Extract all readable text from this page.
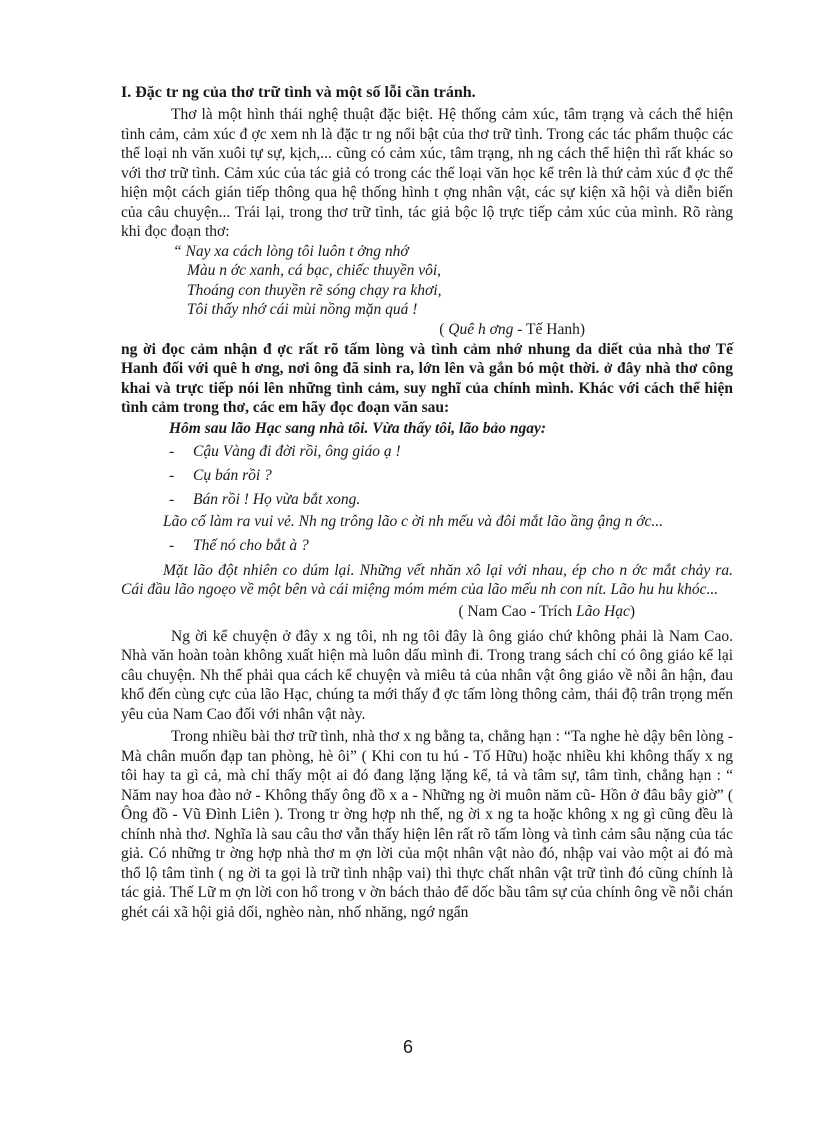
I. Đặc tr ng của thơ trữ tình và một số lỗi cần tránh.

Thơ là một hình thái nghệ thuật đặc biệt. Hệ thống cảm xúc, tâm trạng và cách thể hiện tình cảm, cảm xúc đ ợc xem nh là đặc tr ng nổi bật của thơ trữ tình. Trong các tác phẩm thuộc các thể loại nh văn xuôi tự sự, kịch,... cũng có cảm xúc, tâm trạng, nh ng cách thể hiện thì rất khác so với thơ trữ tình. Cảm xúc của tác giả có trong các thể loại văn học kể trên là thứ cảm xúc đ ợc thể hiện một cách gián tiếp thông qua hệ thống hình t ợng nhân vật, các sự kiện xã hội và diễn biến của câu chuyện... Trái lại, trong thơ trữ tình, tác giả bộc lộ trực tiếp cảm xúc của mình. Rõ ràng khi đọc đoạn thơ:

“ Nay xa cách lòng tôi luôn t ởng nhớ
Màu n ớc xanh, cá bạc, chiếc thuyền vôi,
Thoáng con thuyền rẽ sóng chạy ra khơi,
Tôi thấy nhớ cái mùi nồng mặn quá !
( Quê h ơng - Tế Hanh)

ng ời đọc cảm nhận đ ợc rất rõ tấm lòng và tình cảm nhớ nhung da diết của nhà thơ Tế Hanh đối với quê h ơng, nơi ông đã sinh ra, lớn lên và gắn bó một thời. ở đây nhà thơ công khai và trực tiếp nói lên những tình cảm, suy nghĩ của chính mình. Khác với cách thể hiện tình cảm trong thơ, các em hãy đọc đoạn văn sau:

Hôm sau lão Hạc sang nhà tôi. Vừa thấy tôi, lão bảo ngay:
- Cậu Vàng đi đời rồi, ông giáo ạ !
- Cụ bán rồi ?
- Bán rồi ! Họ vừa bắt xong.

Lão cố làm ra vui vẻ. Nh ng trông lão c ời nh mếu và đôi mắt lão ầng ậng n ớc...

- Thế nó cho bắt à ?

Mặt lão đột nhiên co dúm lại. Những vết nhăn xô lại với nhau, ép cho n ớc mắt chảy ra. Cái đầu lão ngoẹo về một bên và cái miệng móm mém của lão mếu nh con nít. Lão hu hu khóc...

( Nam Cao - Trích Lão Hạc)

Ng ời kể chuyện ở đây x ng tôi, nh ng tôi đây là ông giáo chứ không phải là Nam Cao. Nhà văn hoàn toàn không xuất hiện mà luôn dấu mình đi. Trong trang sách chỉ có ông giáo kể lại câu chuyện. Nh thế phải qua cách kể chuyện và miêu tả của nhân vật ông giáo về nỗi ân hận, đau khổ đến cùng cực của lão Hạc, chúng ta mới thấy đ ợc tấm lòng thông cảm, thái độ trân trọng mến yêu của Nam Cao đối với nhân vật này.

Trong nhiều bài thơ trữ tình, nhà thơ x ng bằng ta, chẳng hạn : “Ta nghe hè dậy bên lòng - Mà chân muốn đạp tan phòng, hè ôi” ( Khi con tu hú - Tố Hữu) hoặc nhiều khi không thấy x ng tôi hay ta gì cả, mà chỉ thấy một ai đó đang lặng lặng kể, tả và tâm sự, tâm tình, chẳng hạn : “ Năm nay hoa đào nở - Không thấy ông đồ x a - Những ng ời muôn năm cũ- Hồn ở đâu bây giờ” ( Ông đồ - Vũ Đình Liên ). Trong tr ờng hợp nh thế, ng ời x ng ta hoặc không x ng gì cũng đều là chính nhà thơ. Nghĩa là sau câu thơ vẫn thấy hiện lên rất rõ tấm lòng và tình cảm sâu nặng của tác giả. Có những tr ờng hợp nhà thơ m ợn lời của một nhân vật nào đó, nhập vai vào một ai đó mà thổ lộ tâm tình ( ng ời ta gọi là trữ tình nhập vai) thì thực chất nhân vật trữ tình đó cũng chính là tác giả. Thế Lữ m ợn lời con hổ trong v ờn bách thảo để dốc bầu tâm sự của chính ông về nỗi chán ghét cái xã hội giả dối, nghèo nàn, nhố nhăng, ngớ ngẩn

6
